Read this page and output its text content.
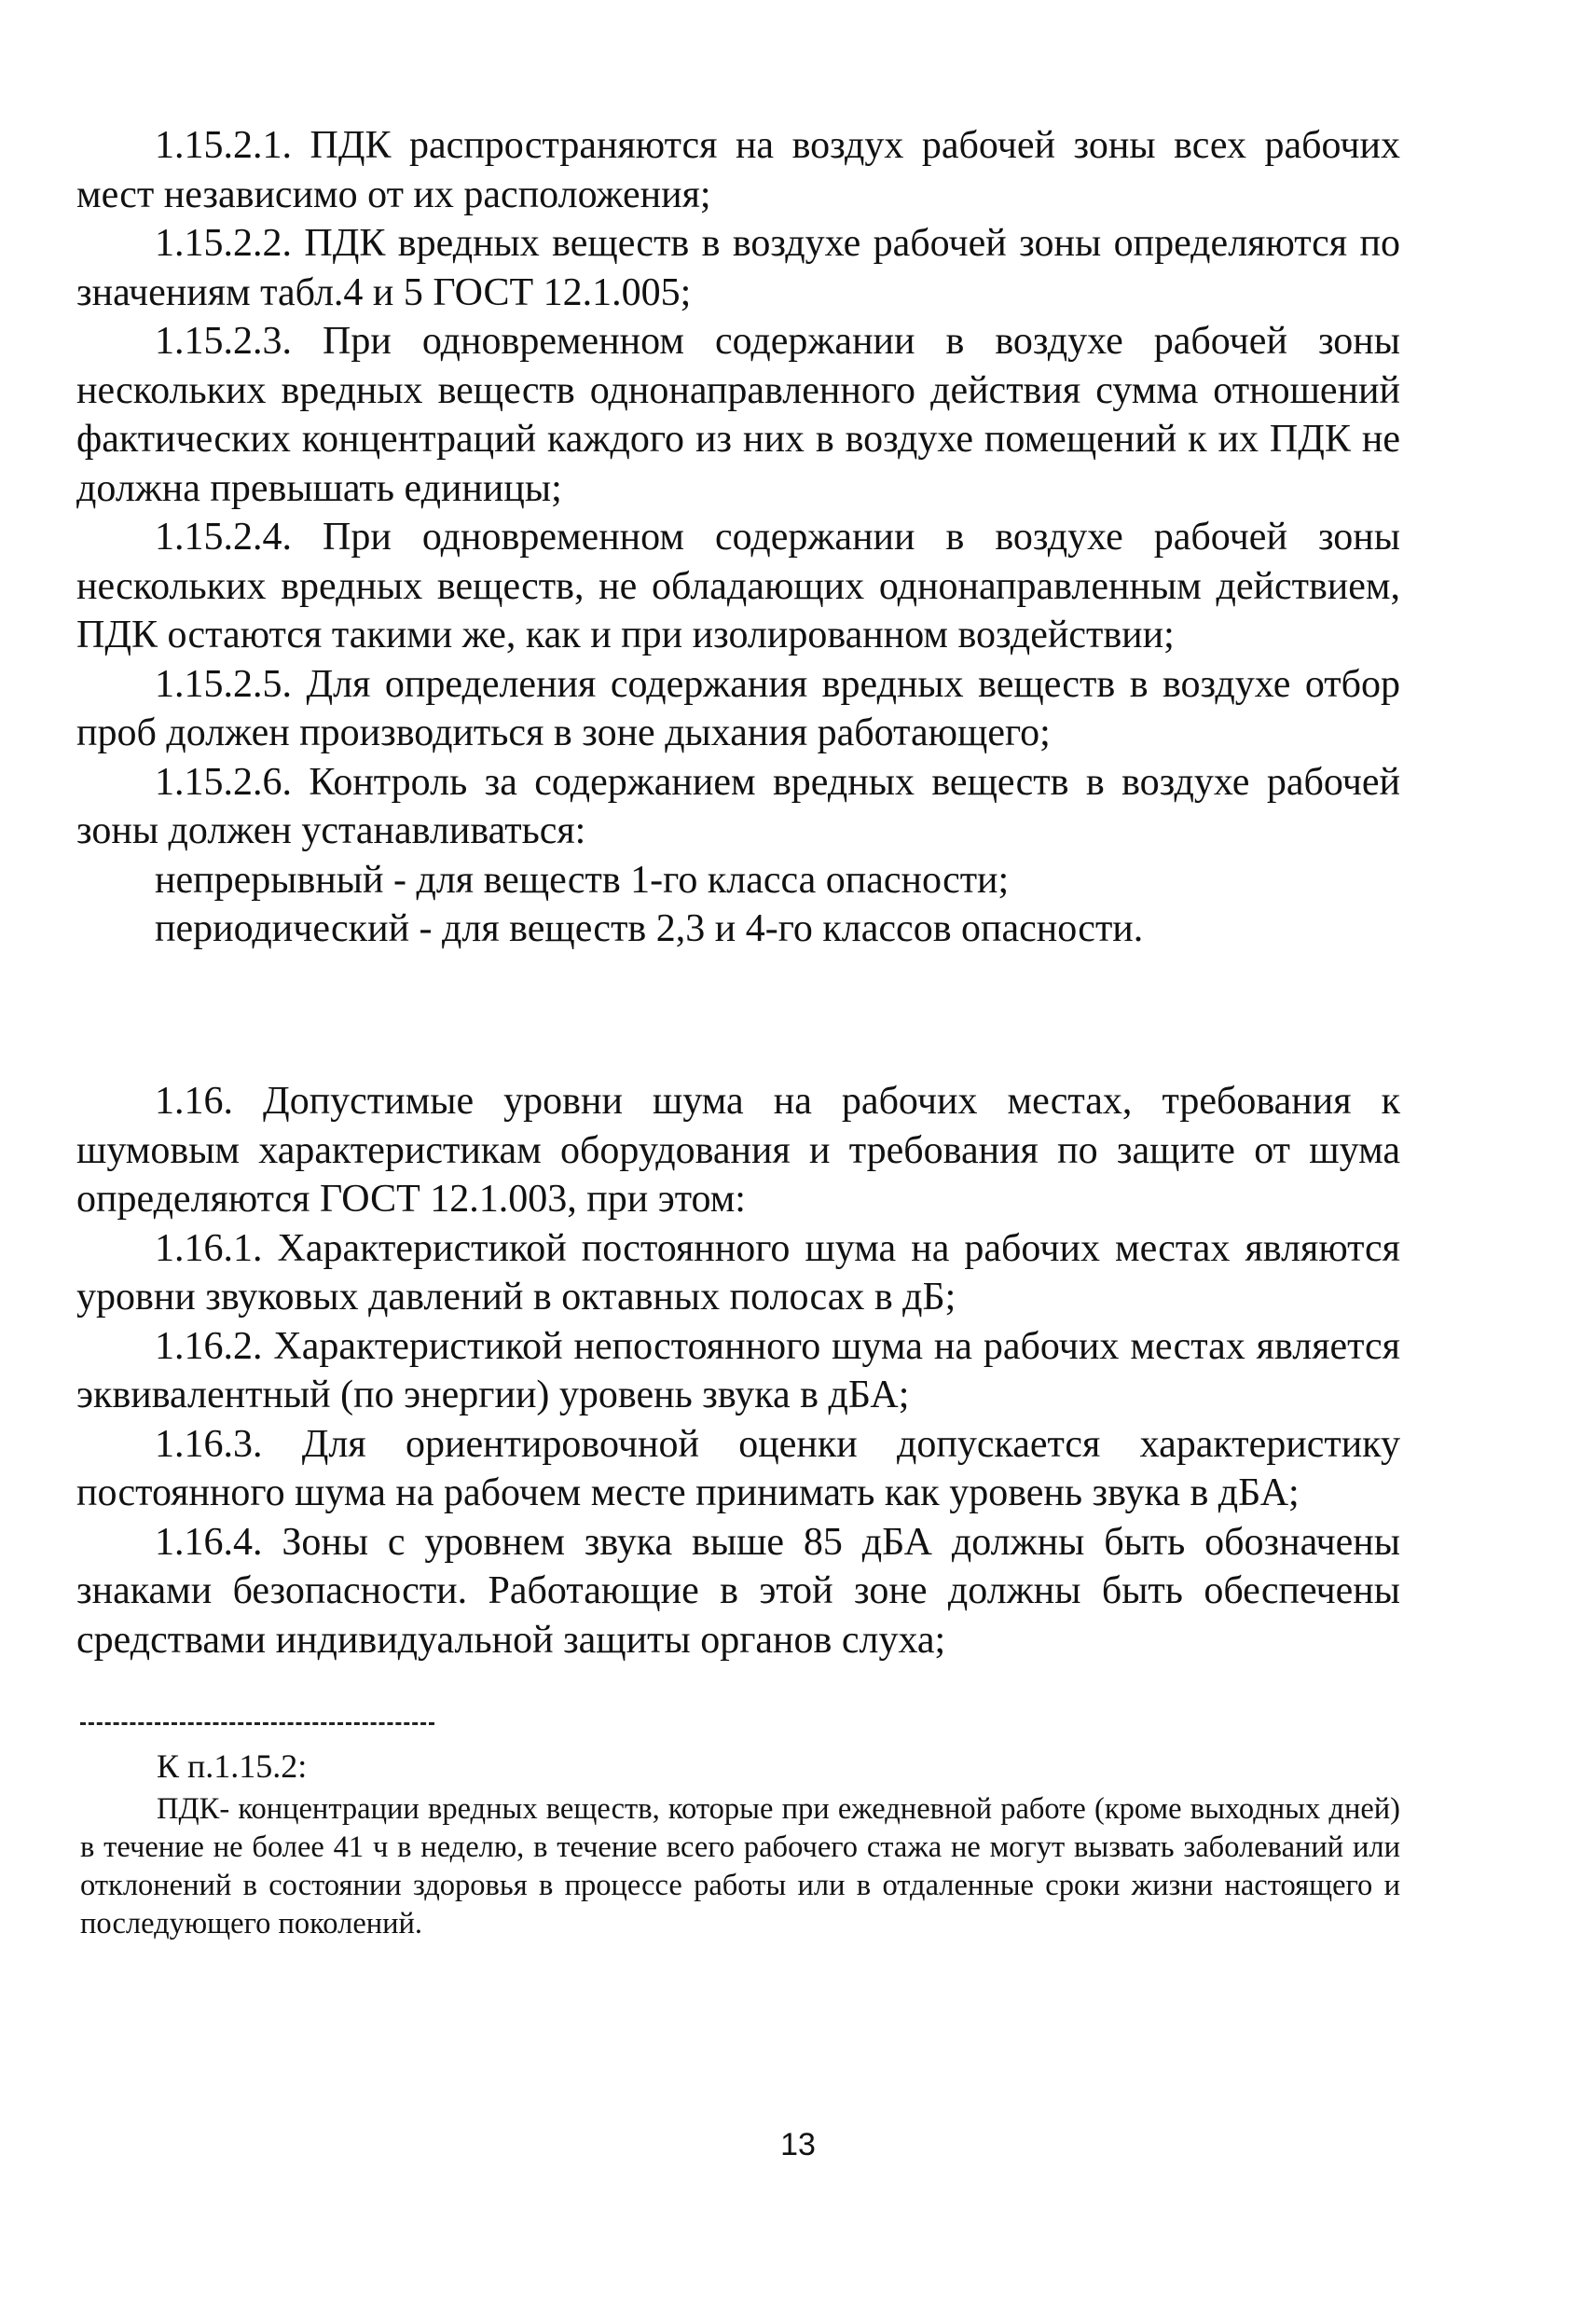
1.15.2.1. ПДК распространяются на воздух рабочей зоны всех рабочих мест независимо от их расположения;

1.15.2.2. ПДК вредных веществ в воздухе рабочей зоны определяются по значениям табл.4 и 5 ГОСТ 12.1.005;

1.15.2.3. При одновременном содержании в воздухе рабочей зоны нескольких вредных веществ однонаправленного действия сумма отношений фактических концентраций каждого из них в воздухе помещений к их ПДК не должна превышать единицы;

1.15.2.4. При одновременном содержании в воздухе рабочей зоны нескольких вредных веществ, не обладающих однонаправленным действием, ПДК остаются такими же, как и при изолированном воздействии;

1.15.2.5. Для определения содержания вредных веществ в воздухе отбор проб должен производиться в зоне дыхания работающего;

1.15.2.6. Контроль за содержанием вредных веществ в воздухе рабочей зоны должен устанавливаться:

непрерывный - для веществ 1-го класса опасности;

периодический - для веществ 2,3 и 4-го классов опасности.

1.16. Допустимые уровни шума на рабочих местах, требования к шумовым характеристикам оборудования и требования по защите от шума определяются ГОСТ 12.1.003, при этом:

1.16.1. Характеристикой постоянного шума на рабочих местах являются уровни звуковых давлений в октавных полосах в дБ;

1.16.2. Характеристикой непостоянного шума на рабочих местах является эквивалентный (по энергии) уровень звука в дБА;

1.16.3. Для ориентировочной оценки допускается характеристику постоянного шума на рабочем месте принимать как уровень звука в дБА;

1.16.4. Зоны с уровнем звука выше 85 дБА должны быть обозначены знаками безопасности. Работающие в этой зоне должны быть обеспечены средствами индивидуальной защиты органов слуха;

К п.1.15.2:

ПДК- концентрации вредных веществ, которые при ежедневной работе (кроме выходных дней) в течение не более 41 ч в неделю, в течение всего рабочего стажа не могут вызвать заболеваний или отклонений в состоянии здоровья в процессе работы или в отдаленные сроки жизни настоящего и последующего поколений.

13
